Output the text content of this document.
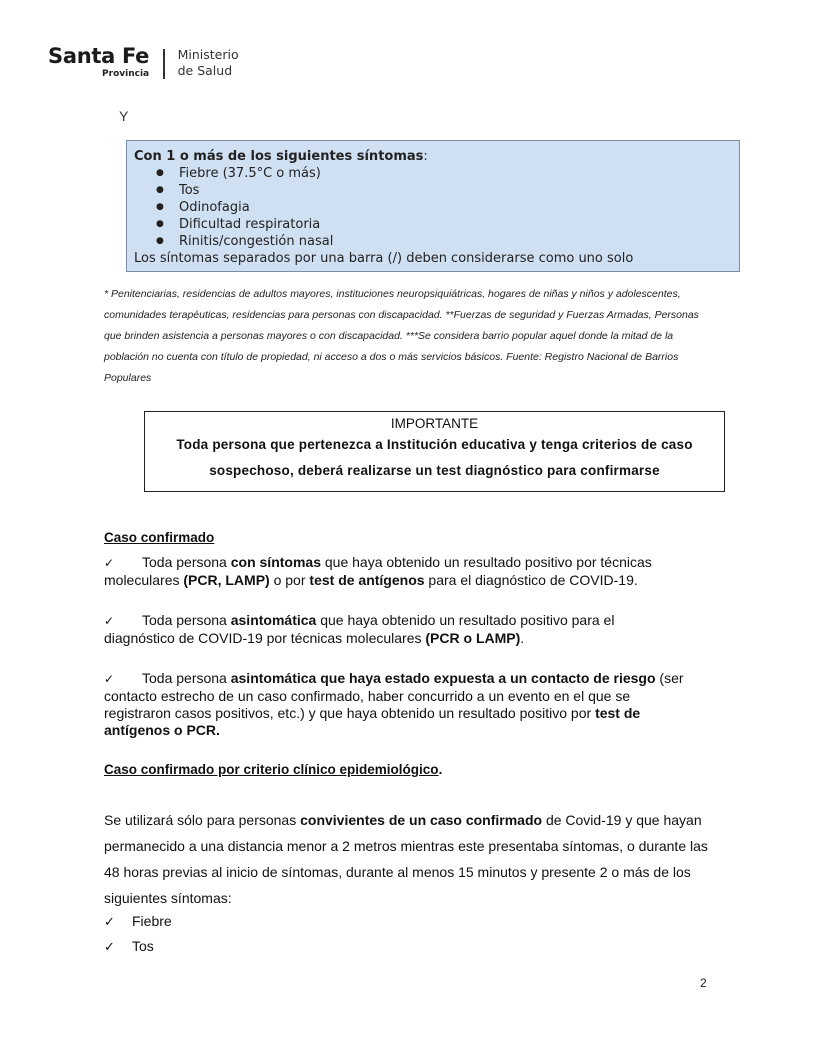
Santa Fe
Provincia
Ministerio
de Salud
Y
Con 1 o más de los siguientes síntomas:
● Fiebre (37.5°C o más)
● Tos
● Odinofagia
● Dificultad respiratoria
● Rinitis/congestión nasal
Los síntomas separados por una barra (/) deben considerarse como uno solo
* Penitenciarias, residencias de adultos mayores, instituciones neuropsiquiátricas, hogares de niñas y niños y adolescentes, comunidades terapéuticas, residencias para personas con discapacidad. **Fuerzas de seguridad y Fuerzas Armadas, Personas que brinden asistencia a personas mayores o con discapacidad. ***Se considera barrio popular aquel donde la mitad de la población no cuenta con título de propiedad, ni acceso a dos o más servicios básicos. Fuente: Registro Nacional de Barrios Populares
IMPORTANTE
Toda persona que pertenezca a Institución educativa y tenga criterios de caso sospechoso, deberá realizarse un test diagnóstico para confirmarse
Caso confirmado
✓ Toda persona con síntomas que haya obtenido un resultado positivo por técnicas moleculares (PCR, LAMP) o por test de antígenos para el diagnóstico de COVID-19.
✓ Toda persona asintomática que haya obtenido un resultado positivo para el diagnóstico de COVID-19 por técnicas moleculares (PCR o LAMP).
✓ Toda persona asintomática que haya estado expuesta a un contacto de riesgo (ser contacto estrecho de un caso confirmado, haber concurrido a un evento en el que se registraron casos positivos, etc.) y que haya obtenido un resultado positivo por test de antígenos o PCR.
Caso confirmado por criterio clínico epidemiológico.
Se utilizará sólo para personas convivientes de un caso confirmado de Covid-19 y que hayan permanecido a una distancia menor a 2 metros mientras este presentaba síntomas, o durante las 48 horas previas al inicio de síntomas, durante al menos 15 minutos y presente 2 o más de los siguientes síntomas:
✓ Fiebre
✓ Tos
2
